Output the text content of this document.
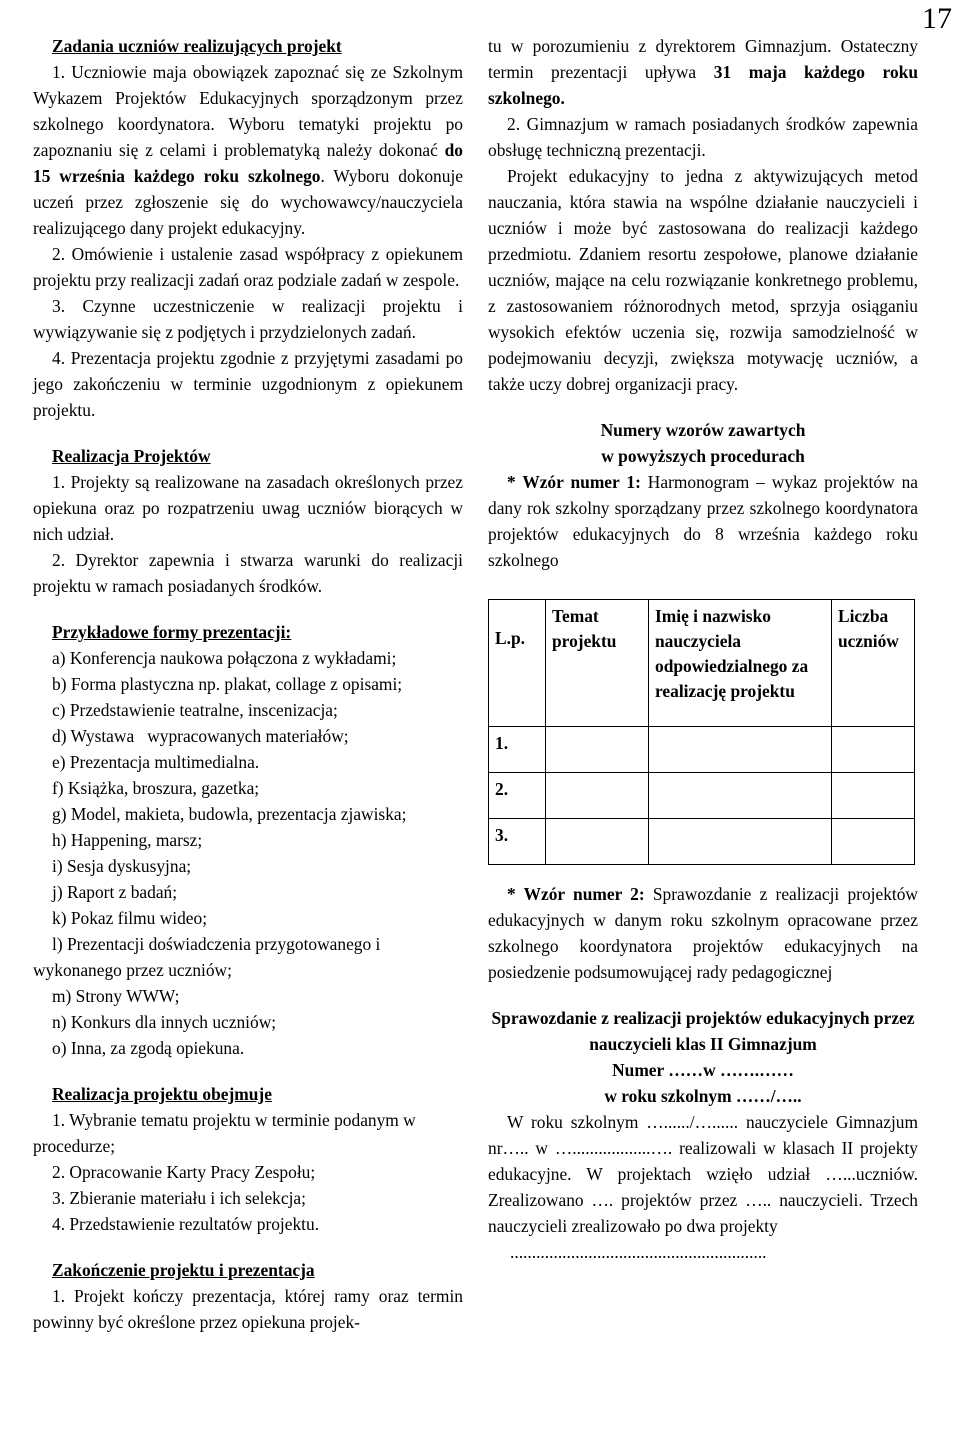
17

Zadania uczniów realizujących projekt

1. Uczniowie maja obowiązek zapoznać się ze Szkolnym Wykazem Projektów Edukacyjnych sporządzonym przez szkolnego koordynatora. Wyboru tematyki projektu po zapoznaniu się z celami i problematyką należy dokonać do 15 września każdego roku szkolnego. Wyboru dokonuje uczeń przez zgłoszenie się do wychowawcy/nauczyciela realizującego dany projekt edukacyjny.

2. Omówienie i ustalenie zasad współpracy z opiekunem projektu przy realizacji zadań oraz podziale zadań w zespole.

3. Czynne uczestniczenie w realizacji projektu i wywiązywanie się z podjętych i przydzielonych zadań.

4. Prezentacja projektu zgodnie z przyjętymi zasadami po jego zakończeniu w terminie uzgodnionym z opiekunem projektu.

Realizacja Projektów

1. Projekty są realizowane na zasadach określonych przez opiekuna oraz po rozpatrzeniu uwag uczniów biorących w nich udział.

2. Dyrektor zapewnia i stwarza warunki do realizacji projektu w ramach posiadanych środków.

Przykładowe formy prezentacji:

a) Konferencja naukowa połączona z wykładami;

b) Forma plastyczna np. plakat, collage z opisami;

c) Przedstawienie teatralne, inscenizacja;

d) Wystawa   wypracowanych materiałów;

e) Prezentacja multimedialna.

f) Książka, broszura, gazetka;

g) Model, makieta, budowla, prezentacja zjawiska;

h) Happening, marsz;

i) Sesja dyskusyjna;

j) Raport z badań;

k) Pokaz filmu wideo;

l) Prezentacji doświadczenia przygotowanego i wykonanego przez uczniów;

m) Strony WWW;

n) Konkurs dla innych uczniów;

o) Inna, za zgodą opiekuna.

Realizacja projektu obejmuje

1. Wybranie tematu projektu w terminie podanym w procedurze;

2. Opracowanie Karty Pracy Zespołu;

3. Zbieranie materiału i ich selekcja;

4. Przedstawienie rezultatów projektu.

Zakończenie projektu i prezentacja

1. Projekt kończy prezentacja, której ramy oraz termin powinny być określone przez opiekuna projek-

tu w porozumieniu z dyrektorem Gimnazjum. Ostateczny termin prezentacji upływa 31 maja każdego roku szkolnego.

2. Gimnazjum w ramach posiadanych środków zapewnia obsługę techniczną prezentacji.

Projekt edukacyjny to jedna z aktywizujących metod nauczania, która stawia na wspólne działanie nauczycieli i uczniów i może być zastosowana do realizacji każdego przedmiotu. Zdaniem resortu zespołowe, planowe działanie uczniów, mające na celu rozwiązanie konkretnego problemu, z zastosowaniem różnorodnych metod, sprzyja osiąganiu wysokich efektów uczenia się, rozwija samodzielność w podejmowaniu decyzji, zwiększa motywację uczniów, a także uczy dobrej organizacji pracy.

Numery wzorów zawartych

w powyższych procedurach

* Wzór numer 1: Harmonogram – wykaz projektów na dany rok szkolny sporządzany przez szkolnego koordynatora projektów edukacyjnych do 8 września każdego roku szkolnego

L.p.	Temat projektu	Imię i nazwisko nauczyciela odpowiedzialnego za realizację projektu	Liczba uczniów
1.			
2.			
3.			

* Wzór numer 2: Sprawozdanie z realizacji projektów edukacyjnych w danym roku szkolnym opracowane przez szkolnego koordynatora projektów edukacyjnych na posiedzenie podsumowującej rady pedagogicznej

Sprawozdanie z realizacji projektów edukacyjnych przez nauczycieli klas II Gimnazjum

Numer ……w …….……

w roku szkolnym ……/…..

W roku szkolnym …....../…...... nauczyciele Gimnazjum nr….. w …..................…. realizowali w klasach II projekty edukacyjne. W projektach wzięło udział …...uczniów. Zrealizowano …. projektów przez ….. nauczycieli. Trzech nauczycieli zrealizowało po dwa projekty

...........................................................
